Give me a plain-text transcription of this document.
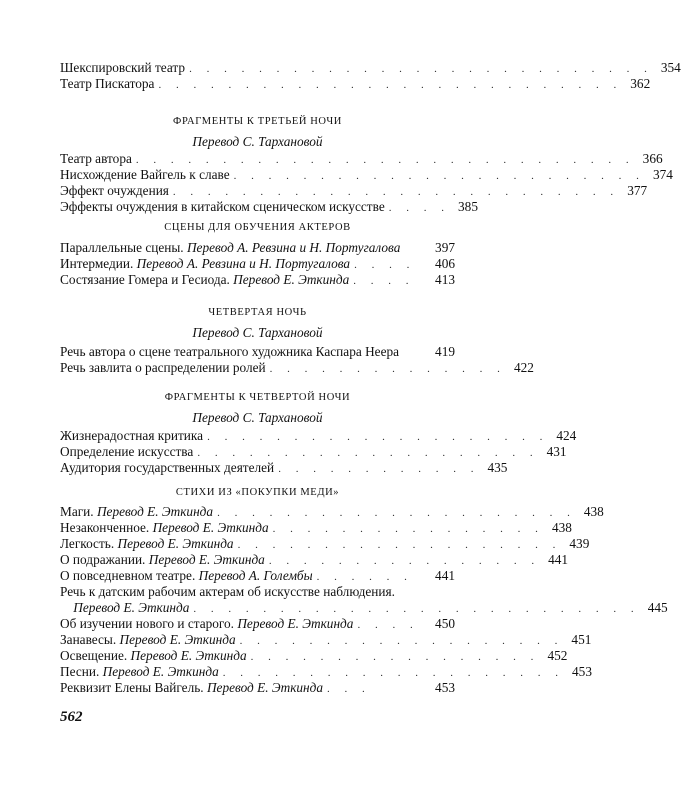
Шекспировский театр . . . . . . . . . . . . . . . . . . . . . . . . . . . 354
Театр Пискатора . . . . . . . . . . . . . . . . . . . . . . . . . . . 362
ФРАГМЕНТЫ К ТРЕТЬЕЙ НОЧИ
Перевод С. Тархановой
Театр автора . . . . . . . . . . . . . . . . . . . . . . . . . . . . . 366
Нисхождение Вайгель к славе . . . . . . . . . . . . . . . . . . . . . . . . 374
Эффект очуждения . . . . . . . . . . . . . . . . . . . . . . . . . . 377
Эффекты очуждения в китайском сценическом искусстве . . . . 385
СЦЕНЫ ДЛЯ ОБУЧЕНИЯ АКТЕРОВ
Параллельные сцены. Перевод А. Ревзина и Н. Португалова	397
Интермедии. Перевод А. Ревзина и Н. Португалова . . . .	406
Состязание Гомера и Гесиода. Перевод Е. Эткинда . . . .	413
ЧЕТВЕРТАЯ НОЧЬ
Перевод С. Тархановой
Речь автора о сцене театрального художника Каспара Неера	419
Речь завлита о распределении ролей . . . . . . . . . . . . . . 422
ФРАГМЕНТЫ К ЧЕТВЕРТОЙ НОЧИ
Перевод С. Тархановой
Жизнерадостная критика . . . . . . . . . . . . . . . . . . . . 424
Определение искусства . . . . . . . . . . . . . . . . . . . . 431
Аудитория государственных деятелей . . . . . . . . . . . . 435
СТИХИ ИЗ «ПОКУПКИ МЕДИ»
Маги. Перевод Е. Эткинда . . . . . . . . . . . . . . . . . . . . . 438
Незаконченное. Перевод Е. Эткинда . . . . . . . . . . . . . . . . 438
Легкость. Перевод Е. Эткинда . . . . . . . . . . . . . . . . . . . 439
О подражании. Перевод Е. Эткинда . . . . . . . . . . . . . . . . 441
О повседневном театре. Перевод А. Голембы . . . . . .	441
Речь к датским рабочим актерам об искусстве наблюдения.
Перевод Е. Эткинда . . . . . . . . . . . . . . . . . . . . . . . . . . 445
Об изучении нового и старого. Перевод Е. Эткинда . . . .	450
Занавесы. Перевод Е. Эткинда . . . . . . . . . . . . . . . . . . . 451
Освещение. Перевод Е. Эткинда . . . . . . . . . . . . . . . . . 452
Песни. Перевод Е. Эткинда . . . . . . . . . . . . . . . . . . . . 453
Реквизит Елены Вайгель. Перевод Е. Эткинда . . .	453
562
